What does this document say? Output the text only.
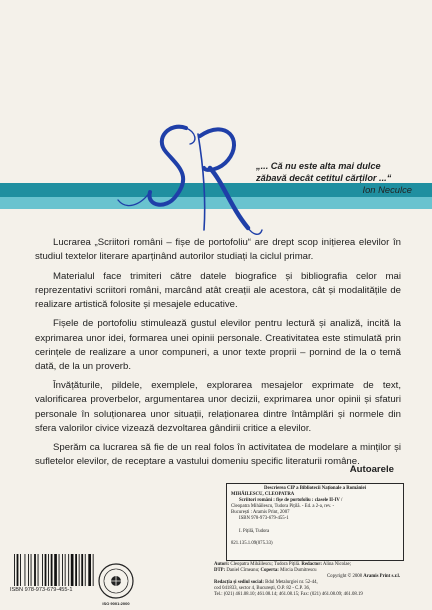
„... Că nu este alta mai dulce
zăbavă decât cetitul cărților ...“
Ion Neculce

Lucrarea „Scriitori români – fișe de portofoliu“ are drept scop inițierea elevilor în studiul textelor literare aparținând autorilor studiați la ciclul primar.

Materialul face trimiteri către datele biografice și bibliografia celor mai reprezentativi scriitori români, marcând atât creații ale acestora, cât și modalitățile de realizare artistică folosite și mesajele educative.

Fișele de portofoliu stimulează gustul elevilor pentru lectură și analiză, incită la exprimarea unor idei, formarea unei opinii personale. Creativitatea este stimulată prin cerințele de realizare a unor compuneri, a unor texte proprii – pornind de la o temă dată, de la un proverb.

Învățăturile, pildele, exemplele, explorarea mesajelor exprimate de text, valorificarea proverbelor, argumentarea unor decizii, exprimarea unor opinii și sfaturi personale în soluționarea unor situații, relaționarea dintre întâmplări și normele din sfera valorilor civice vizează dezvoltarea gândirii critice a elevilor.

Sperăm ca lucrarea să fie de un real folos în activitatea de modelare a minților și sufletelor elevilor, de receptare a vastului domeniu specific literaturii române.

Autoarele
Descrierea CIP a Bibliotecii Naționale a României
MIHĂILESCU, CLEOPATRA
Scriitori români : fișe de portofoliu : clasele II-IV /
Cleopatra Mihăilescu, Tudora Pițilă. - Ed. a 2-a, rev. -
București : Aramis Print, 2007
ISBN 978-973-679-455-1

I. Pițilă, Tudora

821.135.1.09(075.33)
Autori: Cleopatra Mihăilescu; Tudora Pițilă. Redactor: Alina Nicolae;
DTP: Daniel Cîrneanu; Coperta: Mircia Dumitrescu
Copyright © 2008 Aramis Print s.r.l.
Redacția și sediul social: Bdul Metalurgiei nr. 52-44,
cod 041833, sector 4, București, O.P. 82 - C.P. 36,
Tel.: (021) 461.08.10; 461.08.14; 461.08.15; Fax: (021) 461.08.09; 461.08.19
ISBN 978-973-679-455-1
ISO 9001:2000
